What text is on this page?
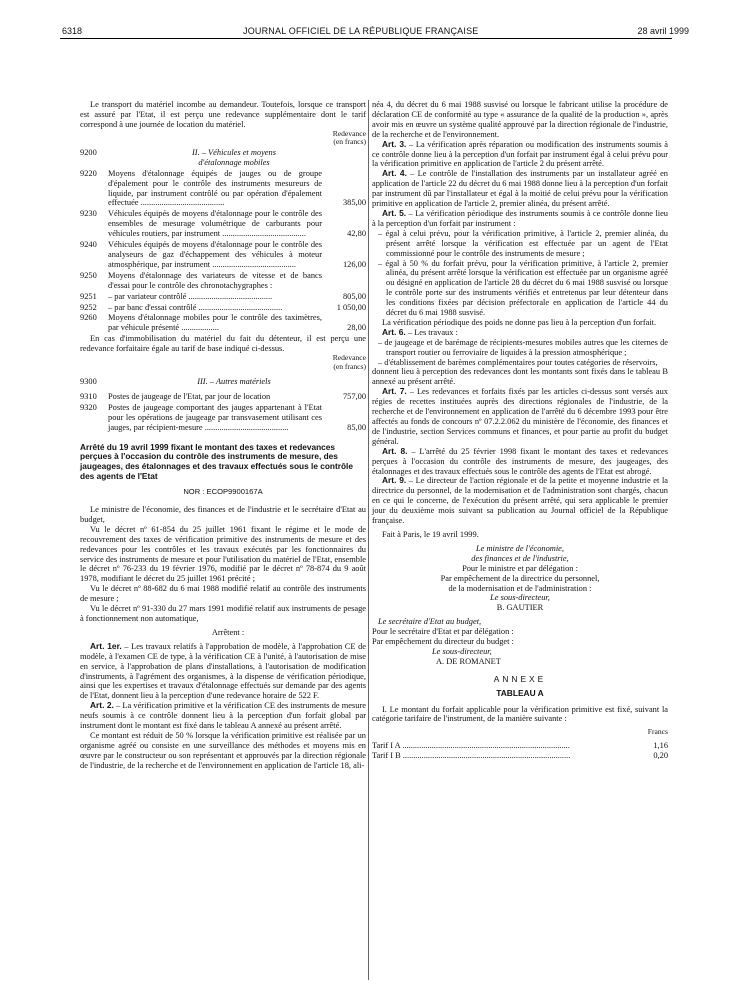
6318	JOURNAL OFFICIEL DE LA RÉPUBLIQUE FRANÇAISE	28 avril 1999

Le transport du matériel incombe au demandeur. Toutefois, lorsque ce transport est assuré par l'Etat, il est perçu une redevance supplémentaire dont le tarif correspond à une journée de location du matériel.

Redevance
(en francs)
9200	II. – Véhicules et moyens
d'étalonnage mobiles
9220	Moyens d'étalonnage équipés de jauges ou de groupe d'épalement pour le contrôle des instruments mesureurs de liquide, par instrument contrôlé ou par opération d'épalement effectuée ........................................	385,00
9230	Véhicules équipés de moyens d'étalonnage pour le contrôle des ensembles de mesurage volumétrique de carburants pour véhicules routiers, par instrument ........................................	42,80
9240	Véhicules équipés de moyens d'étalonnage pour le contrôle des analyseurs de gaz d'échappement des véhicules à moteur atmosphérique, par instrument ........................................	126,00
9250	Moyens d'étalonnage des variateurs de vitesse et de bancs d'essai pour le contrôle des chronotachygraphes :
9251	– par variateur contrôlé ........................................	805,00
9252	– par banc d'essai contrôlé ........................................	1 050,00
9260	Moyens d'étalonnage mobiles pour le contrôle des taximètres, par véhicule présenté ..................	28,00

En cas d'immobilisation du matériel du fait du détenteur, il est perçu une redevance forfaitaire égale au tarif de base indiqué ci-dessus.

Redevance
(en francs)
9300	III. – Autres matériels
9310	Postes de jaugeage de l'Etat, par jour de location	757,00
9320	Postes de jaugeage comportant des jauges appartenant à l'Etat pour les opérations de jaugeage par transvasement utilisant ces jauges, par récipient-mesure ........................................	85,00
Arrêté du 19 avril 1999 fixant le montant des taxes et redevances perçues à l'occasion du contrôle des instruments de mesure, des jaugeages, des étalonnages et des travaux effectués sous le contrôle des agents de l'Etat
NOR : ECOP9900167A

Le ministre de l'économie, des finances et de l'industrie et le secrétaire d'Etat au budget,

Vu le décret nº 61-854 du 25 juillet 1961 fixant le régime et le mode de recouvrement des taxes de vérification primitive des instruments de mesure et des redevances pour les contrôles et les travaux exécutés par les fonctionnaires du service des instruments de mesure et pour l'utilisation du matériel de l'Etat, ensemble le décret nº 76-233 du 19 février 1976, modifié par le décret nº 78-874 du 9 août 1978, modifiant le décret du 25 juillet 1961 précité ;

Vu le décret nº 88-682 du 6 mai 1988 modifié relatif au contrôle des instruments de mesure ;

Vu le décret nº 91-330 du 27 mars 1991 modifié relatif aux instruments de pesage à fonctionnement non automatique,

Arrêtent :

Art. 1er. – Les travaux relatifs à l'approbation de modèle, à l'approbation CE de modèle, à l'examen CE de type, à la vérification CE à l'unité, à l'autorisation de mise en service, à l'approbation de plans d'installations, à l'autorisation de modification d'instruments, à l'agrément des organismes, à la dispense de vérification périodique, ainsi que les expertises et travaux d'étalonnage effectués sur demande par des agents de l'Etat, donnent lieu à la perception d'une redevance horaire de 522 F.

Art. 2. – La vérification primitive et la vérification CE des instruments de mesure neufs soumis à ce contrôle donnent lieu à la perception d'un forfait global par instrument dont le montant est fixé dans le tableau A annexé au présent arrêté.

Ce montant est réduit de 50 % lorsque la vérification primitive est réalisée par un organisme agréé ou consiste en une surveillance des méthodes et moyens mis en œuvre par le constructeur ou son représentant et approuvés par la direction régionale de l'industrie, de la recherche et de l'environnement en application de l'article 18, ali-

néa 4, du décret du 6 mai 1988 susvisé ou lorsque le fabricant utilise la procédure de déclaration CE de conformité au type « assurance de la qualité de la production », après avoir mis en œuvre un système qualité approuvé par la direction régionale de l'industrie, de la recherche et de l'environnement.

Art. 3. – La vérification après réparation ou modification des instruments soumis à ce contrôle donne lieu à la perception d'un forfait par instrument égal à celui prévu pour la vérification primitive en application de l'article 2 du présent arrêté.

Art. 4. – Le contrôle de l'installation des instruments par un installateur agréé en application de l'article 22 du décret du 6 mai 1988 donne lieu à la perception d'un forfait par instrument dû par l'installateur et égal à la moitié de celui prévu pour la vérification primitive en application de l'article 2, premier alinéa, du présent arrêté.

Art. 5. – La vérification périodique des instruments soumis à ce contrôle donne lieu à la perception d'un forfait par instrument :

– égal à celui prévu, pour la vérification primitive, à l'article 2, premier alinéa, du présent arrêté lorsque la vérification est effectuée par un agent de l'Etat commissionné pour le contrôle des instruments de mesure ;

– égal à 50 % du forfait prévu, pour la vérification primitive, à l'article 2, premier alinéa, du présent arrêté lorsque la vérification est effectuée par un organisme agréé ou désigné en application de l'article 28 du décret du 6 mai 1988 susvisé ou lorsque le contrôle porte sur des instruments vérifiés et entretenus par leur détenteur dans les conditions fixées par décision préfectorale en application de l'article 44 du décret du 6 mai 1988 susvisé.

La vérification périodique des poids ne donne pas lieu à la perception d'un forfait.

Art. 6. – Les travaux :

– de jaugeage et de barémage de récipients-mesures mobiles autres que les citernes de transport routier ou ferroviaire de liquides à la pression atmosphérique ;

– d'établissement de barèmes complémentaires pour toutes catégories de réservoirs,

donnent lieu à perception des redevances dont les montants sont fixés dans le tableau B annexé au présent arrêté.

Art. 7. – Les redevances et forfaits fixés par les articles ci-dessus sont versés aux régies de recettes instituées auprès des directions régionales de l'industrie, de la recherche et de l'environnement en application de l'arrêté du 6 décembre 1993 pour être affectés au fonds de concours nº 07.2.2.062 du ministère de l'économie, des finances et de l'industrie, section Services communs et finances, et pour partie au profit du budget général.

Art. 8. – L'arrêté du 25 février 1998 fixant le montant des taxes et redevances perçues à l'occasion du contrôle des instruments de mesure, des jaugeages, des étalonnages et des travaux effectués sous le contrôle des agents de l'Etat est abrogé.

Art. 9. – Le directeur de l'action régionale et de la petite et moyenne industrie et la directrice du personnel, de la modernisation et de l'administration sont chargés, chacun en ce qui le concerne, de l'exécution du présent arrêté, qui sera applicable le premier jour du deuxième mois suivant sa publication au Journal officiel de la République française.

Fait à Paris, le 19 avril 1999.

Le ministre de l'économie,
des finances et de l'industrie,
Pour le ministre et par délégation :
Par empêchement de la directrice du personnel,
de la modernisation et de l'administration :
Le sous-directeur,
B. GAUTIER
Le secrétaire d'Etat au budget,
Pour le secrétaire d'Etat et par délégation :
Par empêchement du directeur du budget :
Le sous-directeur,
A. DE ROMANET
ANNEXE
TABLEAU A

I. Le montant du forfait applicable pour la vérification primitive est fixé, suivant la catégorie tarifaire de l'instrument, de la manière suivante :

Francs
Tarif I A ................................................................................	1,16
Tarif I B ................................................................................	0,20
